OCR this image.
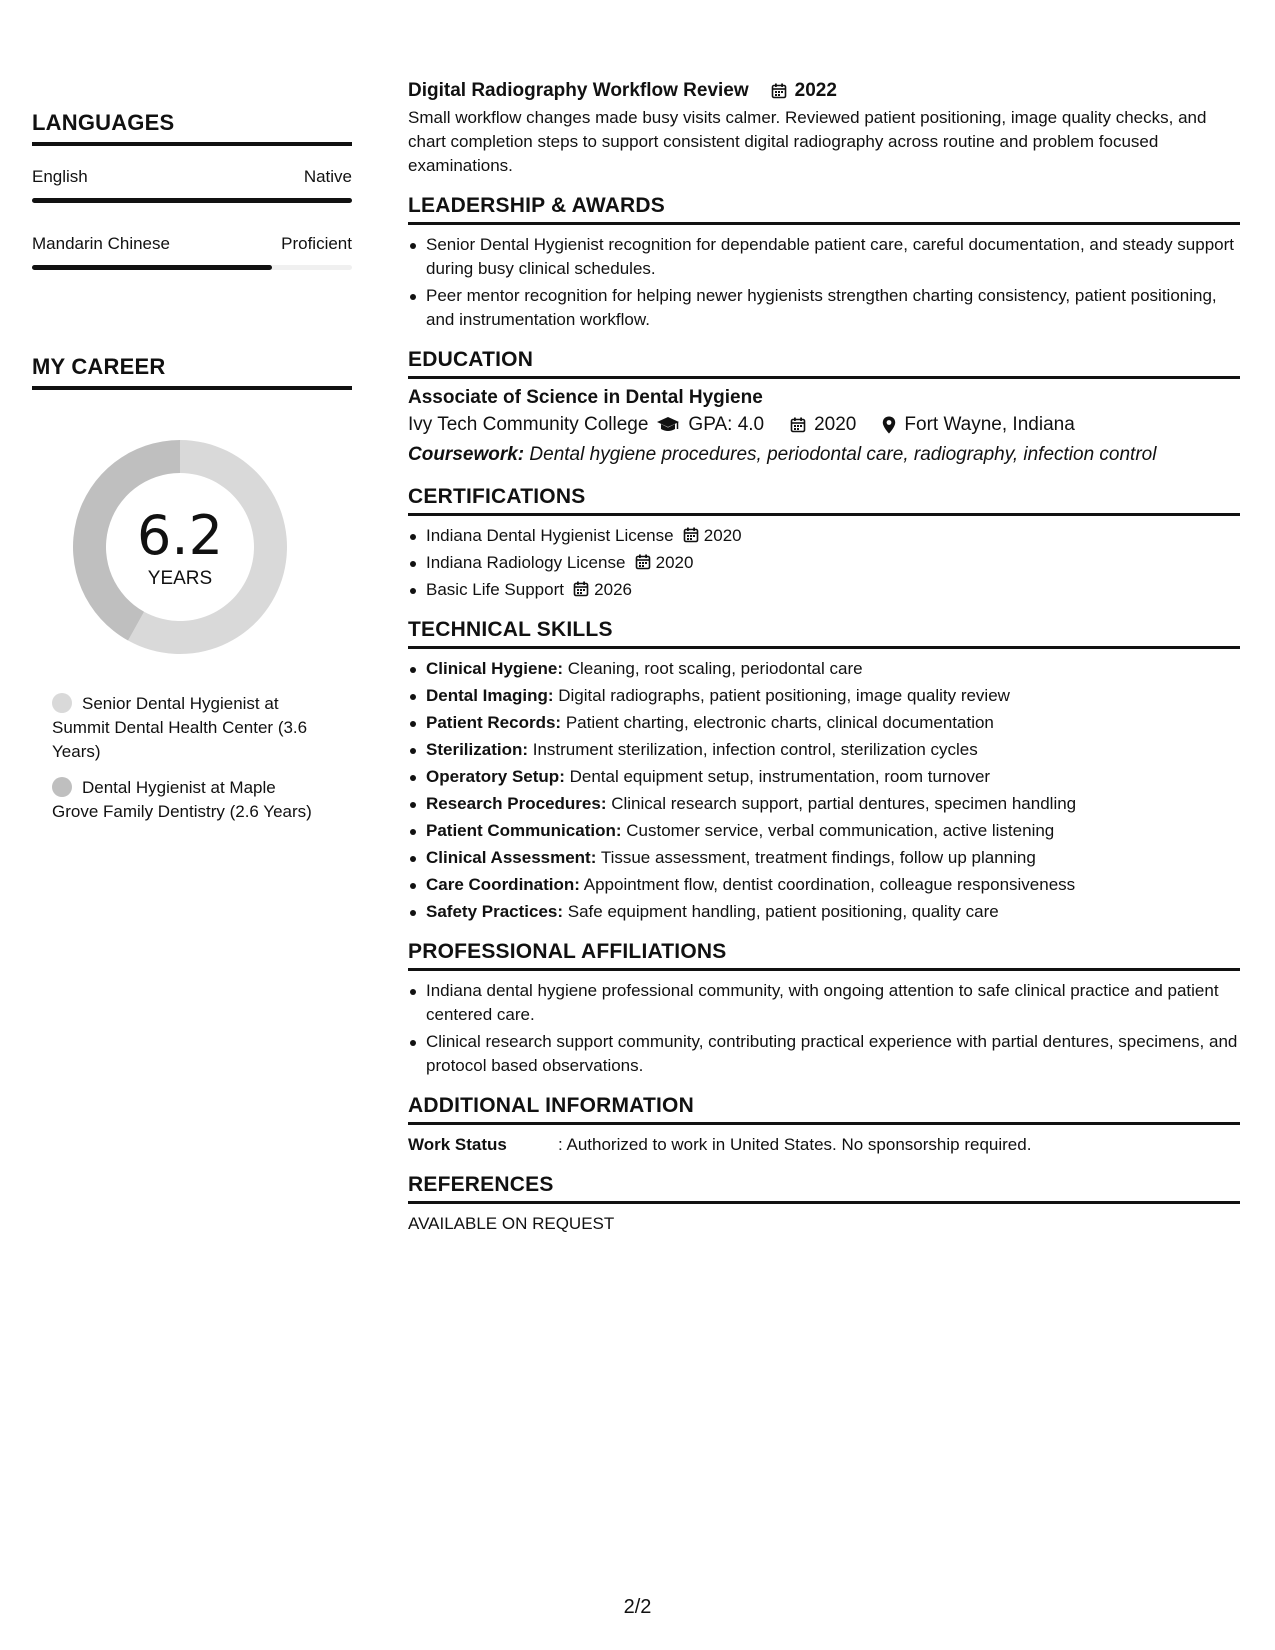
LANGUAGES
English	Native
Mandarin Chinese	Proficient
MY CAREER
6.2
YEARS
Senior Dental Hygienist at Summit Dental Health Center (3.6 Years)
Dental Hygienist at Maple Grove Family Dentistry (2.6 Years)
Digital Radiography Workflow Review 2022
Small workflow changes made busy visits calmer. Reviewed patient positioning, image quality checks, and chart completion steps to support consistent digital radiography across routine and problem focused examinations.
LEADERSHIP & AWARDS
Senior Dental Hygienist recognition for dependable patient care, careful documentation, and steady support during busy clinical schedules.
Peer mentor recognition for helping newer hygienists strengthen charting consistency, patient positioning, and instrumentation workflow.
EDUCATION
Associate of Science in Dental Hygiene
Ivy Tech Community College GPA: 4.0	2020	Fort Wayne, Indiana
Coursework: Dental hygiene procedures, periodontal care, radiography, infection control
CERTIFICATIONS
Indiana Dental Hygienist License 2020
Indiana Radiology License 2020
Basic Life Support 2026
TECHNICAL SKILLS
Clinical Hygiene: Cleaning, root scaling, periodontal care
Dental Imaging: Digital radiographs, patient positioning, image quality review
Patient Records: Patient charting, electronic charts, clinical documentation
Sterilization: Instrument sterilization, infection control, sterilization cycles
Operatory Setup: Dental equipment setup, instrumentation, room turnover
Research Procedures: Clinical research support, partial dentures, specimen handling
Patient Communication: Customer service, verbal communication, active listening
Clinical Assessment: Tissue assessment, treatment findings, follow up planning
Care Coordination: Appointment flow, dentist coordination, colleague responsiveness
Safety Practices: Safe equipment handling, patient positioning, quality care
PROFESSIONAL AFFILIATIONS
Indiana dental hygiene professional community, with ongoing attention to safe clinical practice and patient centered care.
Clinical research support community, contributing practical experience with partial dentures, specimens, and protocol based observations.
ADDITIONAL INFORMATION
Work Status	: Authorized to work in United States. No sponsorship required.
REFERENCES
AVAILABLE ON REQUEST
2/2
